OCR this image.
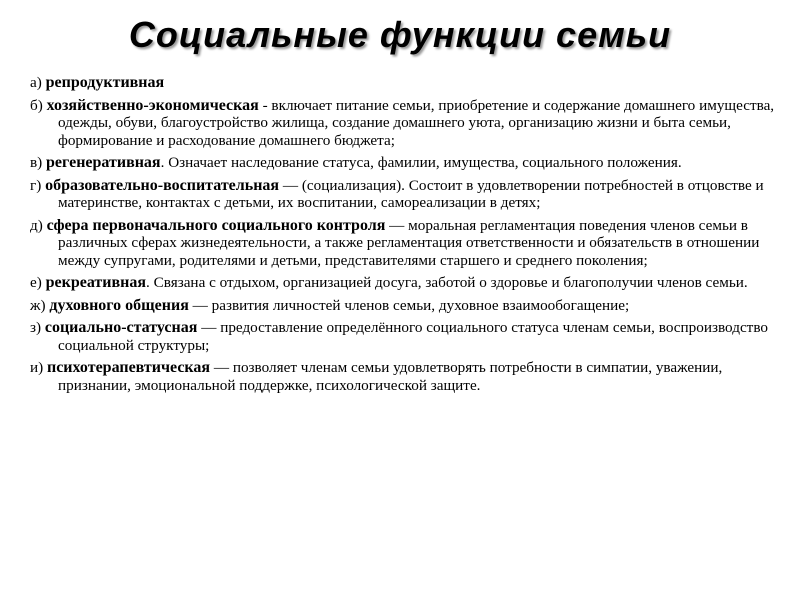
Социальные функции семьи
а) репродуктивная
б) хозяйственно-экономическая - включает питание семьи, приобретение и содержание домашнего имущества, одежды, обуви, благоустройство жилища, создание домашнего уюта, организацию жизни и быта семьи, формирование и расходование домашнего бюджета;
в) регенеративная. Означает наследование статуса, фамилии, имущества, социального положения.
г) образовательно-воспитательная — (социализация). Состоит в удовлетворении потребностей в отцовстве и материнстве, контактах с детьми, их воспитании, самореализации в детях;
д) сфера первоначального социального контроля — моральная регламентация поведения членов семьи в различных сферах жизнедеятельности, а также регламентация ответственности и обязательств в отношении между супругами, родителями и детьми, представителями старшего и среднего поколения;
е) рекреативная. Связана с отдыхом, организацией досуга, заботой о здоровье и благополучии членов семьи.
ж) духовного общения — развития личностей членов семьи, духовное взаимообогащение;
з) социально-статусная — предоставление определённого социального статуса членам семьи, воспроизводство социальной структуры;
и) психотерапевтическая — позволяет членам семьи удовлетворять потребности в симпатии, уважении, признании, эмоциональной поддержке, психологической защите.
